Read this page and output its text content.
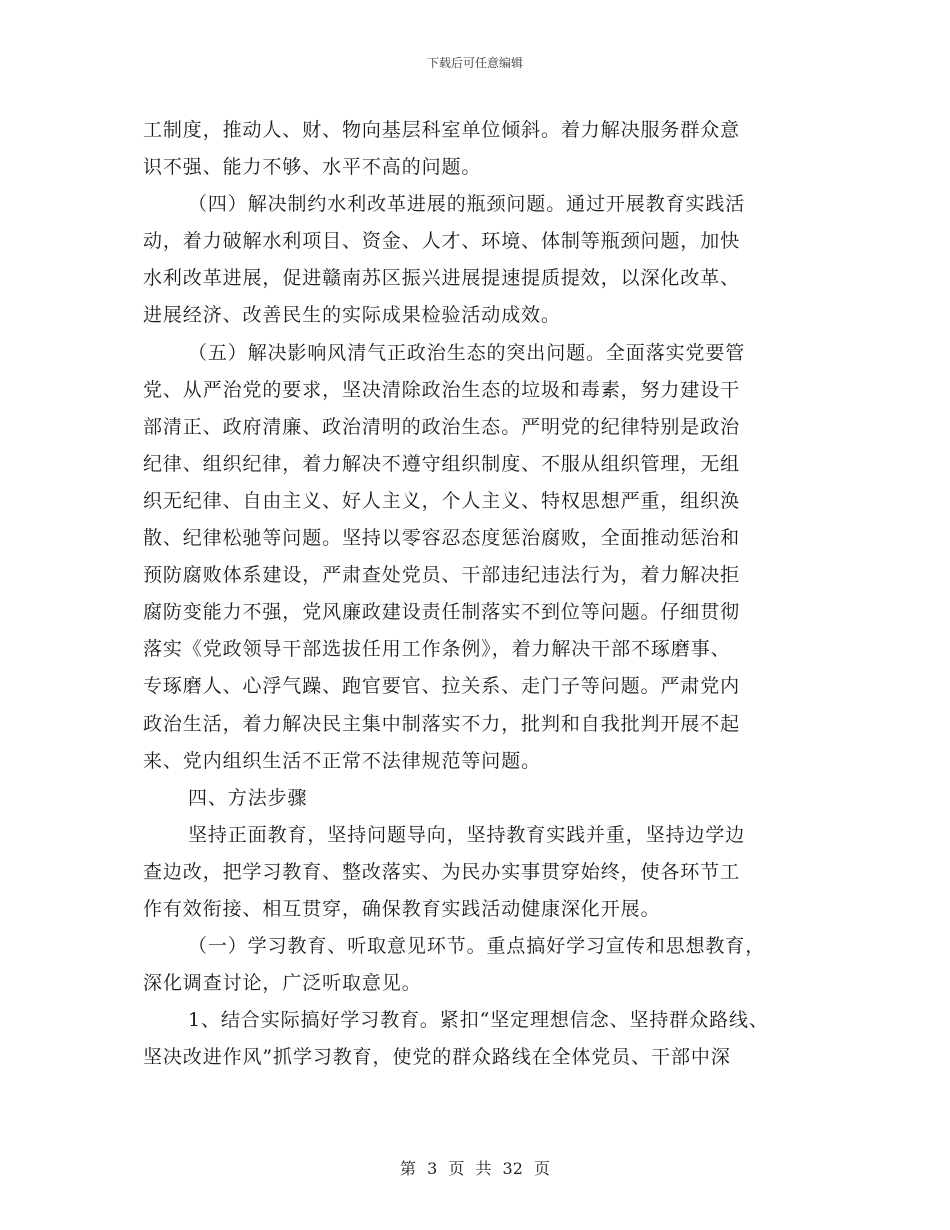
下载后可任意编辑
工制度，推动人、财、物向基层科室单位倾斜。着力解决服务群众意
识不强、能力不够、水平不高的问题。
（四）解决制约水利改革进展的瓶颈问题。通过开展教育实践活
动，着力破解水利项目、资金、人才、环境、体制等瓶颈问题，加快
水利改革进展，促进赣南苏区振兴进展提速提质提效，以深化改革、
进展经济、改善民生的实际成果检验活动成效。
（五）解决影响风清气正政治生态的突出问题。全面落实党要管
党、从严治党的要求，坚决清除政治生态的垃圾和毒素，努力建设干
部清正、政府清廉、政治清明的政治生态。严明党的纪律特别是政治
纪律、组织纪律，着力解决不遵守组织制度、不服从组织管理，无组
织无纪律、自由主义、好人主义，个人主义、特权思想严重，组织涣
散、纪律松驰等问题。坚持以零容忍态度惩治腐败，全面推动惩治和
预防腐败体系建设，严肃查处党员、干部违纪违法行为，着力解决拒
腐防变能力不强，党风廉政建设责任制落实不到位等问题。仔细贯彻
落实《党政领导干部选拔任用工作条例》，着力解决干部不琢磨事、
专琢磨人、心浮气躁、跑官要官、拉关系、走门子等问题。严肃党内
政治生活，着力解决民主集中制落实不力，批判和自我批判开展不起
来、党内组织生活不正常不法律规范等问题。
四、方法步骤
坚持正面教育，坚持问题导向，坚持教育实践并重，坚持边学边
查边改，把学习教育、整改落实、为民办实事贯穿始终，使各环节工
作有效衔接、相互贯穿，确保教育实践活动健康深化开展。
（一）学习教育、听取意见环节。重点搞好学习宣传和思想教育，
深化调查讨论，广泛听取意见。
1、结合实际搞好学习教育。紧扣“坚定理想信念、坚持群众路线、
坚决改进作风”抓学习教育，使党的群众路线在全体党员、干部中深
第 3 页 共 32 页
